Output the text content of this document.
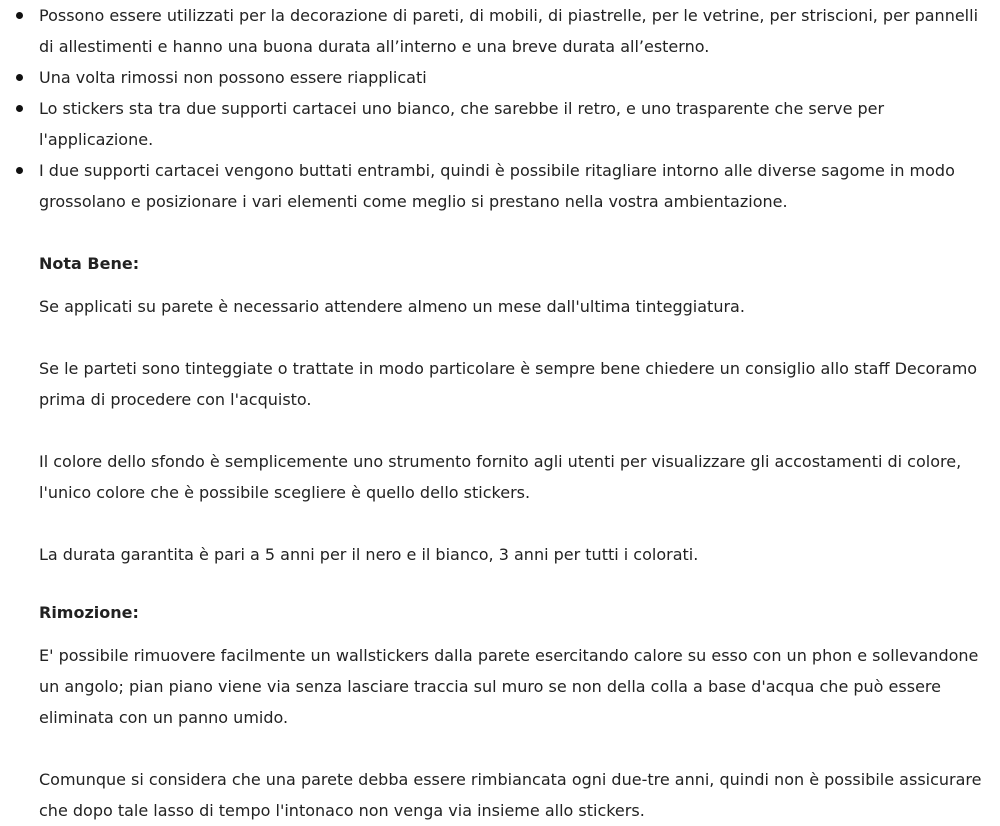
Possono essere utilizzati per la decorazione di pareti, di mobili, di piastrelle, per le vetrine, per striscioni, per pannelli di allestimenti e hanno una buona durata all’interno e una breve durata all’esterno.
Una volta rimossi non possono essere riapplicati
Lo stickers sta tra due supporti cartacei uno bianco, che sarebbe il retro, e uno trasparente che serve per l'applicazione.
I due supporti cartacei vengono buttati entrambi, quindi è possibile ritagliare intorno alle diverse sagome in modo grossolano e posizionare i vari elementi come meglio si prestano nella vostra ambientazione.

Nota Bene:

Se applicati su parete è necessario attendere almeno un mese dall'ultima tinteggiatura.

Se le parteti sono tinteggiate o trattate in modo particolare è sempre bene chiedere un consiglio allo staff Decoramo prima di procedere con l'acquisto.

Il colore dello sfondo è semplicemente uno strumento fornito agli utenti per visualizzare gli accostamenti di colore, l'unico colore che è possibile scegliere è quello dello stickers.

La durata garantita è pari a 5 anni per il nero e il bianco, 3 anni per tutti i colorati.

Rimozione:

E' possibile rimuovere facilmente un wallstickers dalla parete esercitando calore su esso con un phon e sollevandone un angolo; pian piano viene via senza lasciare traccia sul muro se non della colla a base d'acqua che può essere eliminata con un panno umido.

Comunque si considera che una parete debba essere rimbiancata ogni due-tre anni, quindi non è possibile assicurare che dopo tale lasso di tempo l'intonaco non venga via insieme allo stickers.
